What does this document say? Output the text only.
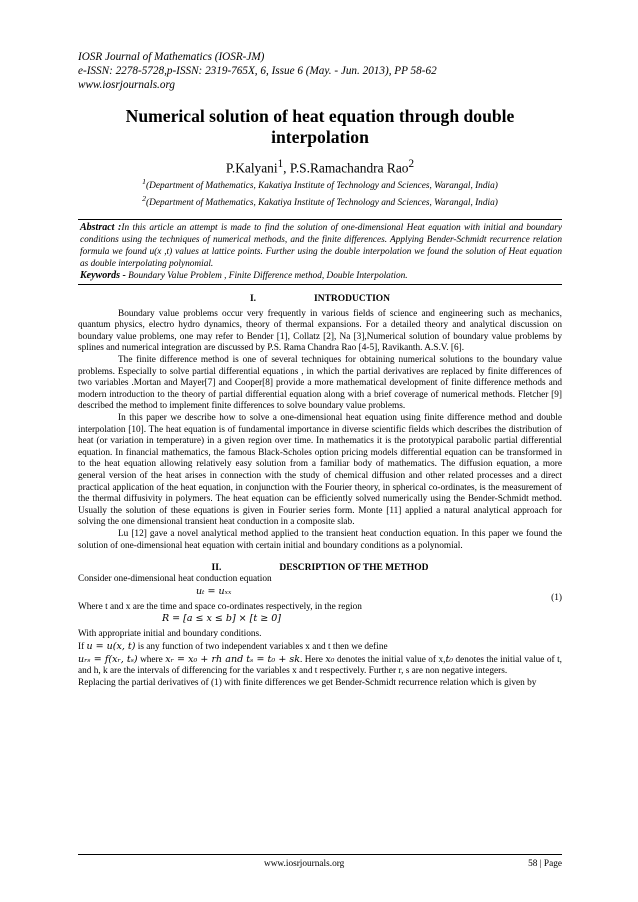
IOSR Journal of Mathematics (IOSR-JM)
e-ISSN: 2278-5728,p-ISSN: 2319-765X, 6, Issue 6 (May. - Jun. 2013), PP 58-62
www.iosrjournals.org
Numerical solution of heat equation through double interpolation
P.Kalyani$^1$, P.S.Ramachandra Rao$^2$
$^1$(Department of Mathematics, Kakatiya Institute of Technology and Sciences, Warangal, India)
$^2$(Department of Mathematics, Kakatiya Institute of Technology and Sciences, Warangal, India)
Abstract :In this article an attempt is made to find the solution of one-dimensional Heat equation with initial and boundary conditions using the techniques of numerical methods, and the finite differences. Applying Bender-Schmidt recurrence relation formula we found u(x ,t) values at lattice points. Further using the double interpolation we found the solution of Heat equation as double interpolating polynomial.
Keywords - Boundary Value Problem , Finite Difference method, Double Interpolation.
I.	INTRODUCTION

Boundary value problems occur very frequently in various fields of science and engineering such as mechanics, quantum physics, electro hydro dynamics, theory of thermal expansions. For a detailed theory and analytical discussion on boundary value problems, one may refer to Bender [1], Collatz [2], Na [3],Numerical solution of boundary value problems by splines and numerical integration are discussed by P.S. Rama Chandra Rao [4-5], Ravikanth. A.S.V. [6].

The finite difference method is one of several techniques for obtaining numerical solutions to the boundary value problems. Especially to solve partial differential equations , in which the partial derivatives are replaced by finite differences of two variables .Mortan and Mayer[7] and Cooper[8] provide a more mathematical development of finite difference methods and modern introduction to the theory of partial differential equation along with a brief coverage of numerical methods. Fletcher [9] described the method to implement finite differences to solve boundary value problems.

In this paper we describe how to solve a one-dimensional heat equation using finite difference method and double interpolation [10]. The heat equation is of fundamental importance in diverse scientific fields which describes the distribution of heat (or variation in temperature) in a given region over time. In mathematics it is the prototypical parabolic partial differential equation. In financial mathematics, the famous Black-Scholes option pricing models differential equation can be transformed in to the heat equation allowing relatively easy solution from a familiar body of mathematics. The diffusion equation, a more general version of the heat arises in connection with the study of chemical diffusion and other related processes and a direct practical application of the heat equation, in conjunction with the Fourier theory, in spherical co-ordinates, is the measurement of the thermal diffusivity in polymers. The heat equation can be efficiently solved numerically using the Bender-Schmidt method. Usually the solution of these equations is given in Fourier series form. Monte [11] applied a natural analytical approach for solving the one dimensional transient heat conduction in a composite slab.

Lu [12] gave a novel analytical method applied to the transient heat conduction equation. In this paper we found the solution of one-dimensional heat equation with certain initial and boundary conditions as a polynomial.

II.	DESCRIPTION OF THE METHOD

Consider one-dimensional heat conduction equation

uₜ = uₓₓ
(1)

Where t and x are the time and space co-ordinates respectively, in the region

R = [a ≤ x ≤ b] × [t ≥ 0]

With appropriate initial and boundary conditions.

If u = u(x, t) is any function of two independent variables x and t then we define

uᵣₛ = f(xᵣ, tₛ) where xᵣ = x₀ + rh and tₛ = t₀ + sk. Here x₀ denotes the initial value of x,t₀ denotes the initial value of t, and h, k are the intervals of differencing for the variables x and t respectively. Further r, s are non negative integers.

Replacing the partial derivatives of (1) with finite differences we get Bender-Schmidt recurrence relation which is given by

www.iosrjournals.org	58 | Page
